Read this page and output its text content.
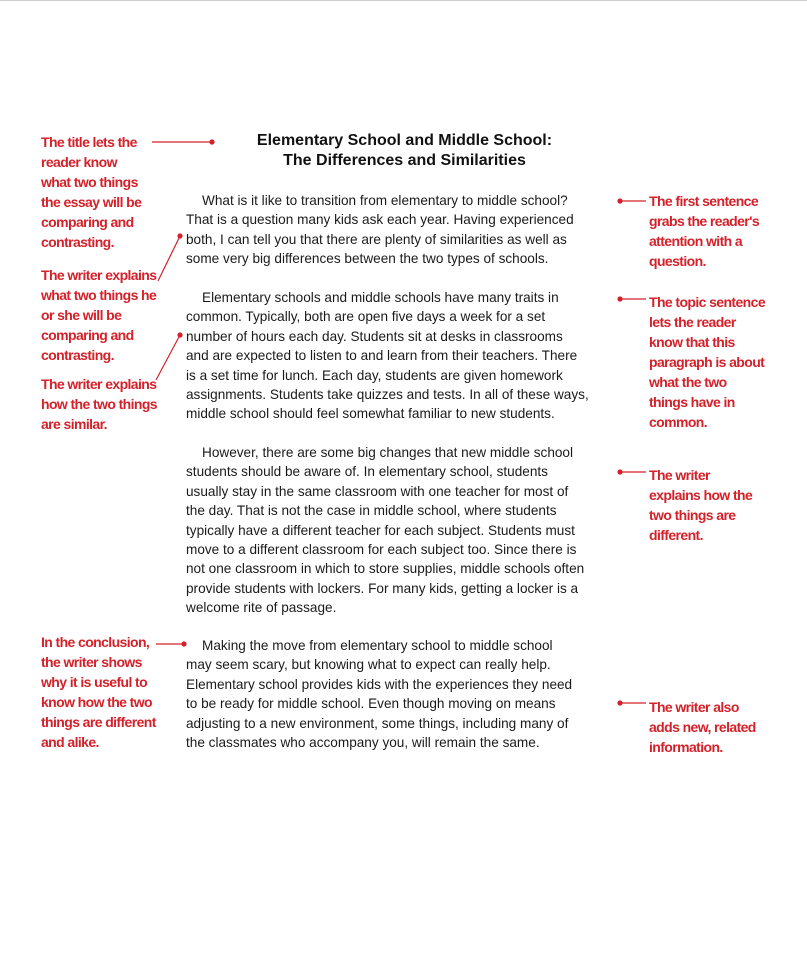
Elementary School and Middle School:
The Differences and Similarities
What is it like to transition from elementary to middle school?
That is a question many kids ask each year. Having experienced
both, I can tell you that there are plenty of similarities as well as
some very big differences between the two types of schools.
Elementary schools and middle schools have many traits in
common. Typically, both are open five days a week for a set
number of hours each day. Students sit at desks in classrooms
and are expected to listen to and learn from their teachers. There
is a set time for lunch. Each day, students are given homework
assignments. Students take quizzes and tests. In all of these ways,
middle school should feel somewhat familiar to new students.
However, there are some big changes that new middle school
students should be aware of. In elementary school, students
usually stay in the same classroom with one teacher for most of
the day. That is not the case in middle school, where students
typically have a different teacher for each subject. Students must
move to a different classroom for each subject too. Since there is
not one classroom in which to store supplies, middle schools often
provide students with lockers. For many kids, getting a locker is a
welcome rite of passage.
Making the move from elementary school to middle school
may seem scary, but knowing what to expect can really help.
Elementary school provides kids with the experiences they need
to be ready for middle school. Even though moving on means
adjusting to a new environment, some things, including many of
the classmates who accompany you, will remain the same.
The title lets the
reader know
what two things
the essay will be
comparing and
contrasting.
The writer explains
what two things he
or she will be
comparing and
contrasting.
The writer explains
how the two things
are similar.
In the conclusion,
the writer shows
why it is useful to
know how the two
things are different
and alike.
The first sentence
grabs the reader's
attention with a
question.
The topic sentence
lets the reader
know that this
paragraph is about
what the two
things have in
common.
The writer
explains how the
two things are
different.
The writer also
adds new, related
information.
